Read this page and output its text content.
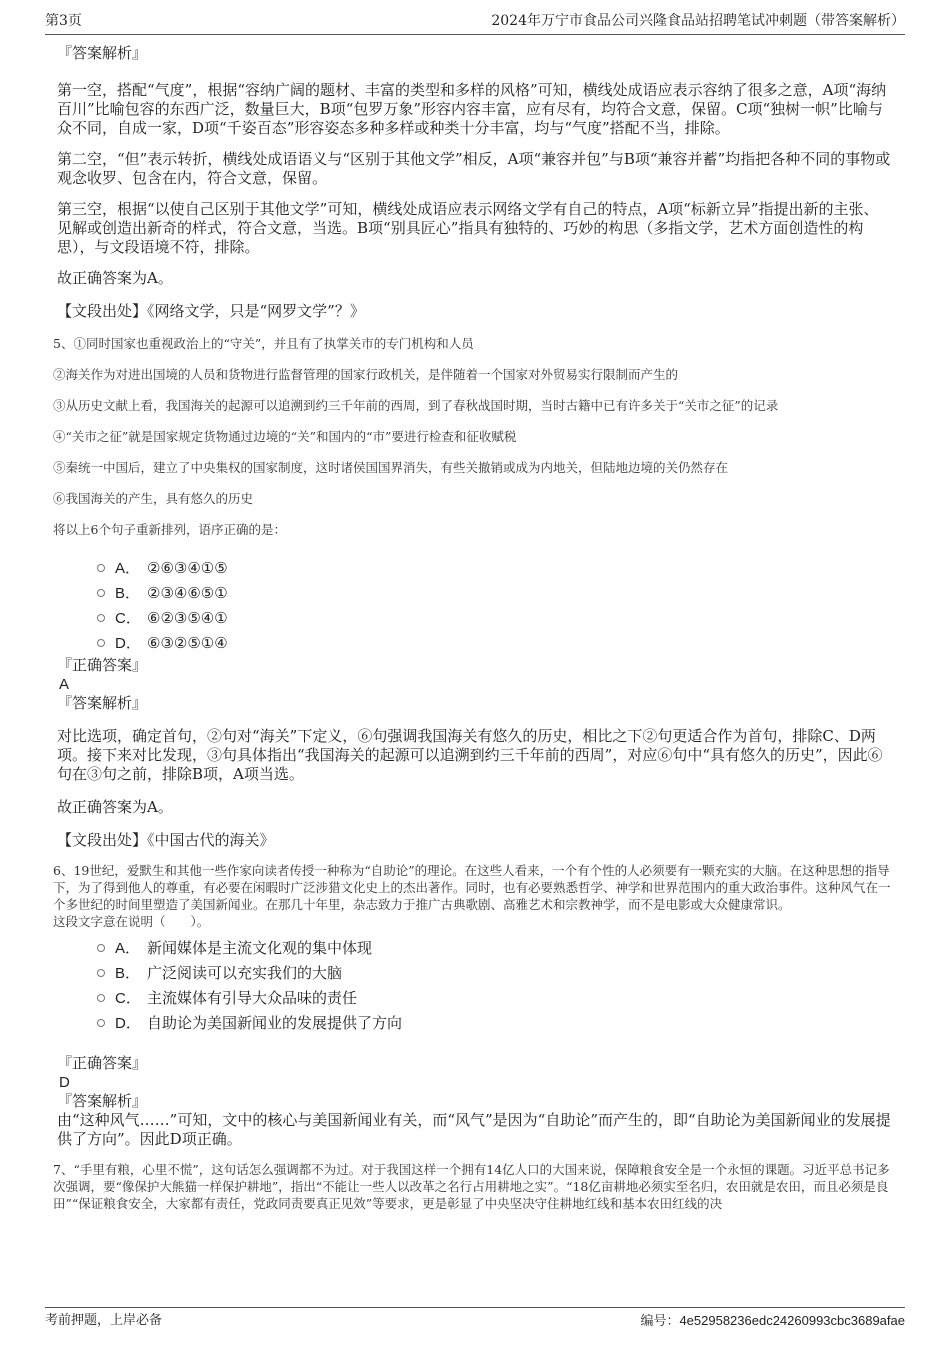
第3页	2024年万宁市食品公司兴隆食品站招聘笔试冲刺题（带答案解析）

『答案解析』

第一空，搭配“气度”，根据“容纳广阔的题材、丰富的类型和多样的风格”可知，横线处成语应表示容纳了很多之意，A项“海纳百川”比喻包容的东西广泛，数量巨大，B项“包罗万象”形容内容丰富，应有尽有，均符合文意，保留。C项“独树一帜”比喻与众不同，自成一家，D项“千姿百态”形容姿态多种多样或种类十分丰富，均与“气度”搭配不当，排除。

第二空，“但”表示转折，横线处成语语义与“区别于其他文学”相反，A项“兼容并包”与B项“兼容并蓄”均指把各种不同的事物或观念收罗、包含在内，符合文意，保留。

第三空，根据“以使自己区别于其他文学”可知，横线处成语应表示网络文学有自己的特点，A项“标新立异”指提出新的主张、见解或创造出新奇的样式，符合文意，当选。B项“别具匠心”指具有独特的、巧妙的构思（多指文学，艺术方面创造性的构思），与文段语境不符，排除。

故正确答案为A。

【文段出处】《网络文学，只是“网罗文学”？》

5、①同时国家也重视政治上的“守关”，并且有了执掌关市的专门机构和人员

②海关作为对进出国境的人员和货物进行监督管理的国家行政机关，是伴随着一个国家对外贸易实行限制而产生的

③从历史文献上看，我国海关的起源可以追溯到约三千年前的西周，到了春秋战国时期，当时古籍中已有许多关于“关市之征”的记录

④“关市之征”就是国家规定货物通过边境的“关”和国内的“市”要进行检查和征收赋税

⑤秦统一中国后，建立了中央集权的国家制度，这时诸侯国国界消失，有些关撤销或成为内地关，但陆地边境的关仍然存在

⑥我国海关的产生，具有悠久的历史

将以上6个句子重新排列，语序正确的是：

A． ②⑥③④①⑤
B． ②③④⑥⑤①
C． ⑥②③⑤④①
D． ⑥③②⑤①④

『正确答案』

A

『答案解析』

对比选项，确定首句，②句对“海关”下定义，⑥句强调我国海关有悠久的历史，相比之下②句更适合作为首句，排除C、D两项。接下来对比发现，③句具体指出“我国海关的起源可以追溯到约三千年前的西周”，对应⑥句中“具有悠久的历史”，因此⑥句在③句之前，排除B项，A项当选。

故正确答案为A。

【文段出处】《中国古代的海关》

6、19世纪，爱默生和其他一些作家向读者传授一种称为“自助论”的理论。在这些人看来，一个有个性的人必须要有一颗充实的大脑。在这种思想的指导下，为了得到他人的尊重，有必要在闲暇时广泛涉猎文化史上的杰出著作。同时，也有必要熟悉哲学、神学和世界范围内的重大政治事件。这种风气在一个多世纪的时间里塑造了美国新闻业。在那几十年里，杂志致力于推广古典歌剧、高雅艺术和宗教神学，而不是电影或大众健康常识。

这段文字意在说明（　　）。

A． 新闻媒体是主流文化观的集中体现
B． 广泛阅读可以充实我们的大脑
C． 主流媒体有引导大众品味的责任
D． 自助论为美国新闻业的发展提供了方向

『正确答案』

D

『答案解析』

由“这种风气……”可知，文中的核心与美国新闻业有关，而“风气”是因为“自助论”而产生的，即“自助论为美国新闻业的发展提供了方向”。因此D项正确。

7、“手里有粮，心里不慌”，这句话怎么强调都不为过。对于我国这样一个拥有14亿人口的大国来说，保障粮食安全是一个永恒的课题。习近平总书记多次强调，要“像保护大熊猫一样保护耕地”，指出“不能让一些人以改革之名行占用耕地之实”。“18亿亩耕地必须实至名归，农田就是农田，而且必须是良田”“保证粮食安全，大家都有责任，党政同责要真正见效”等要求，更是彰显了中央坚决守住耕地红线和基本农田红线的决

考前押题，上岸必备	编号：4e52958236edc24260993cbc3689afae
